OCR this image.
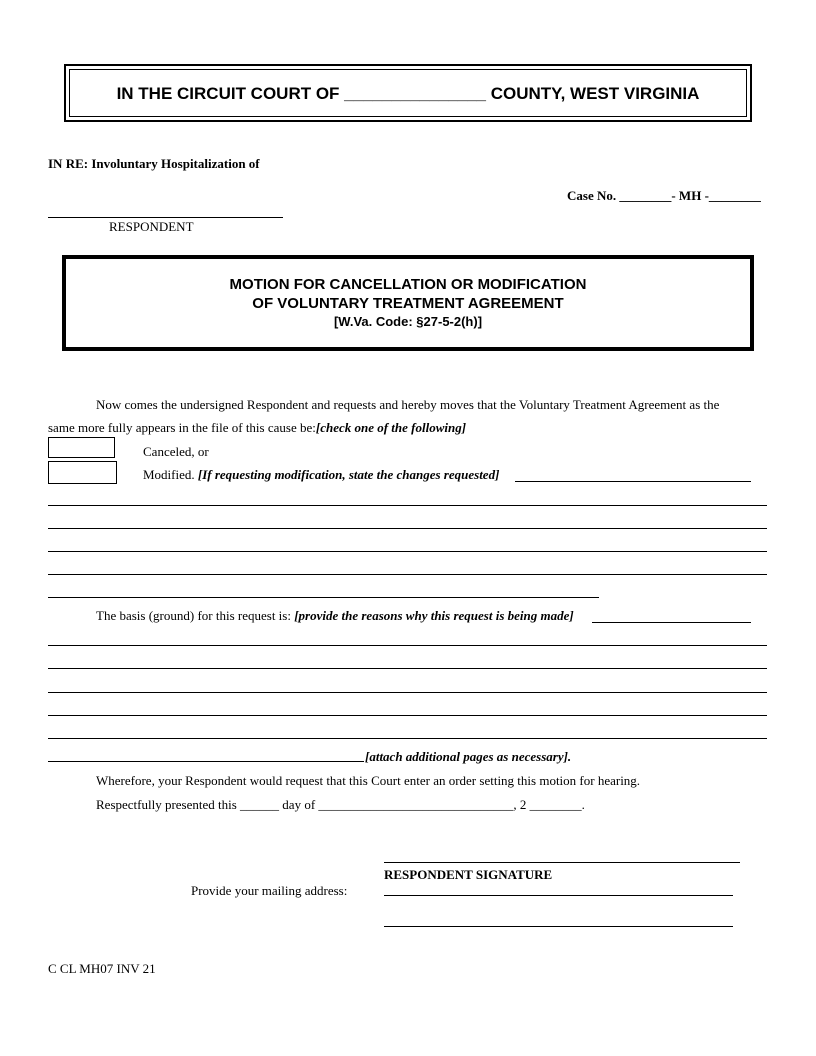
IN THE CIRCUIT COURT OF _______________ COUNTY, WEST VIRGINIA
IN RE: Involuntary Hospitalization of
Case No. ________- MH -________
RESPONDENT
MOTION FOR CANCELLATION OR MODIFICATION
OF VOLUNTARY TREATMENT AGREEMENT
[W.Va. Code: §27-5-2(h)]
Now comes the undersigned Respondent and requests and hereby moves that the Voluntary Treatment Agreement as the
same more fully appears in the file of this cause be:[check one of the following]
Canceled, or
Modified. [If requesting modification, state the changes requested]
The basis (ground) for this request is: [provide the reasons why this request is being made]
[attach additional pages as necessary].
Wherefore, your Respondent would request that this Court enter an order setting this motion for hearing.
Respectfully presented this ______ day of ______________________________, 2 ________.
RESPONDENT SIGNATURE
Provide your mailing address:
C CL MH07 INV 21
